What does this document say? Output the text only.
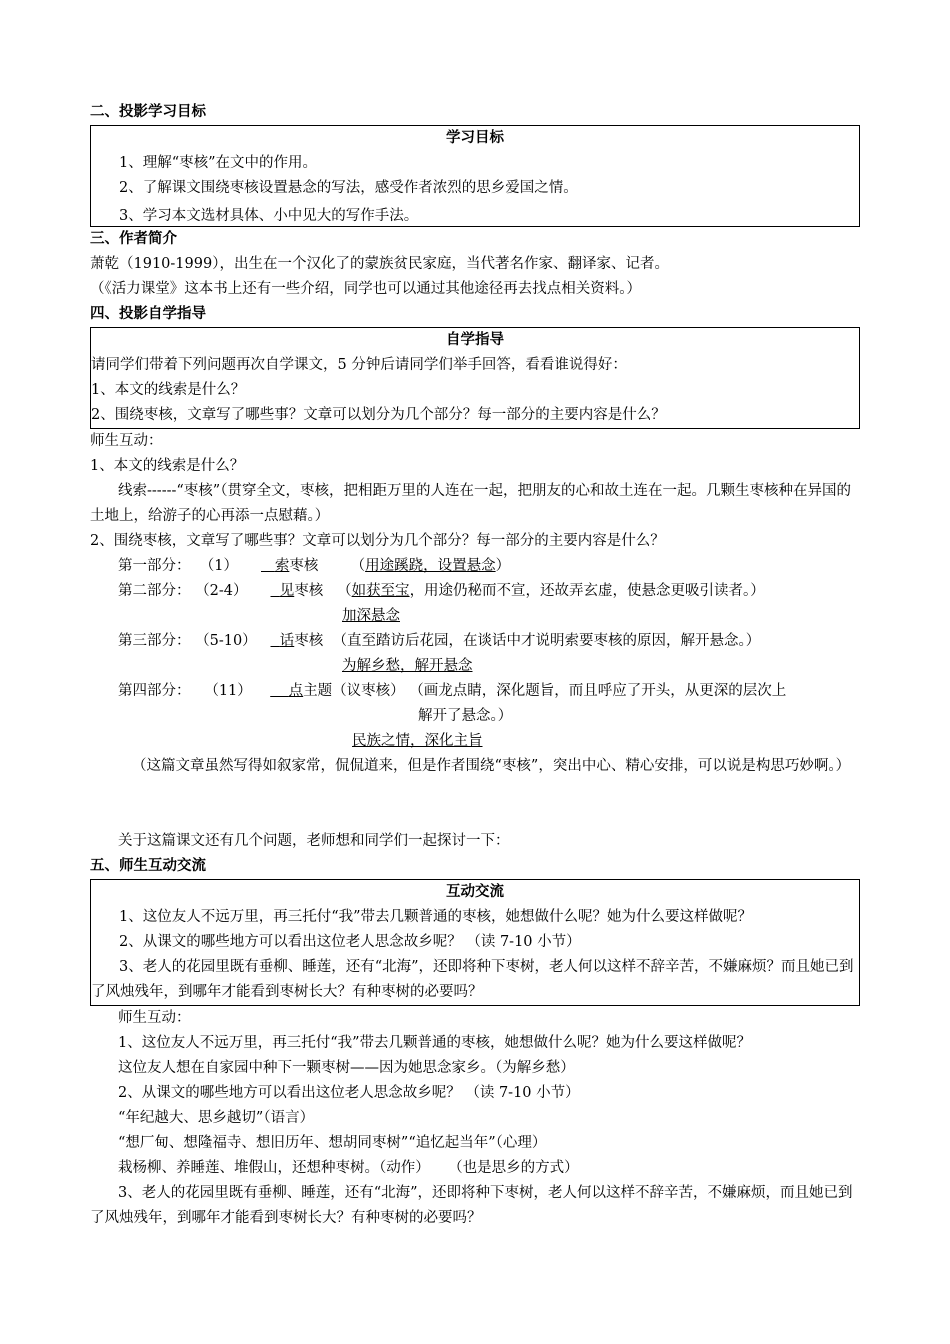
二、投影学习目标
学习目标
1、理解“枣核”在文中的作用。
2、了解课文围绕枣核设置悬念的写法，感受作者浓烈的思乡爱国之情。
3、学习本文选材具体、小中见大的写作手法。
三、作者简介
萧乾（1910-1999），出生在一个汉化了的蒙族贫民家庭，当代著名作家、翻译家、记者。
（《活力课堂》这本书上还有一些介绍，同学也可以通过其他途径再去找点相关资料。）
四、投影自学指导
自学指导
请同学们带着下列问题再次自学课文，5 分钟后请同学们举手回答，看看谁说得好：
1、本文的线索是什么？
2、围绕枣核，文章写了哪些事？文章可以划分为几个部分？每一部分的主要内容是什么？
师生互动：
1、本文的线索是什么？
线索------“枣核”（贯穿全文，枣核，把相距万里的人连在一起，把朋友的心和故土连在一起。几颗生枣核种在异国的土地上，给游子的心再添一点慰藉。）
2、围绕枣核，文章写了哪些事？文章可以划分为几个部分？每一部分的主要内容是什么？
第一部分： （1）	索枣核 （用途蹊跷，设置悬念）
第二部分： （2-4） 见枣核 （如获至宝，用途仍秘而不宣，还故弄玄虚，使悬念更吸引读者。）
加深悬念
第三部分： （5-10） 话枣核 （直至踏访后花园，在谈话中才说明索要枣核的原因，解开悬念。）
为解乡愁，解开悬念
第四部分： （11）	点主题（议枣核） （画龙点睛，深化题旨，而且呼应了开头，从更深的层次上
解开了悬念。）
民族之情，深化主旨
（这篇文章虽然写得如叙家常，侃侃道来，但是作者围绕“枣核”，突出中心、精心安排，可以说是构思巧妙啊。）
关于这篇课文还有几个问题，老师想和同学们一起探讨一下：
五、师生互动交流
互动交流
1、这位友人不远万里，再三托付“我”带去几颗普通的枣核，她想做什么呢？她为什么要这样做呢？
2、从课文的哪些地方可以看出这位老人思念故乡呢？ （读 7-10 小节）
3、老人的花园里既有垂柳、睡莲，还有“北海”，还即将种下枣树，老人何以这样不辞辛苦，不嫌麻烦？而且她已到了风烛残年，到哪年才能看到枣树长大？有种枣树的必要吗？
师生互动：
1、这位友人不远万里，再三托付“我”带去几颗普通的枣核，她想做什么呢？她为什么要这样做呢？
这位友人想在自家园中种下一颗枣树——因为她思念家乡。（为解乡愁）
2、从课文的哪些地方可以看出这位老人思念故乡呢？ （读 7-10 小节）
“年纪越大、思乡越切”（语言）
“想厂甸、想隆福寺、想旧历年、想胡同枣树”“追忆起当年”（心理）
栽杨柳、养睡莲、堆假山，还想种枣树。（动作）    （也是思乡的方式）
3、老人的花园里既有垂柳、睡莲，还有“北海”，还即将种下枣树，老人何以这样不辞辛苦，不嫌麻烦，而且她已到了风烛残年，到哪年才能看到枣树长大？有种枣树的必要吗？
